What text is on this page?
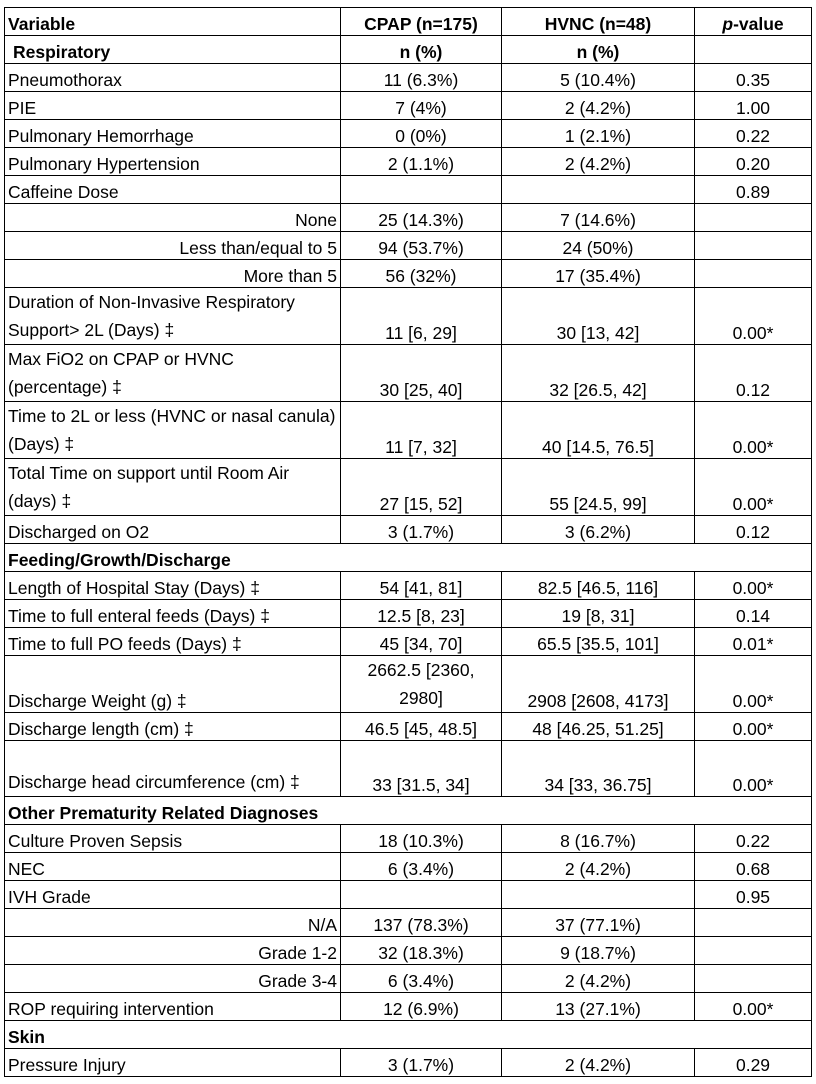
Variable	CPAP (n=175)	HVNC (n=48)	p-value
Respiratory	n (%)	n (%)	
Pneumothorax	11 (6.3%)	5 (10.4%)	0.35
PIE	7 (4%)	2 (4.2%)	1.00
Pulmonary Hemorrhage	0 (0%)	1 (2.1%)	0.22
Pulmonary Hypertension	2 (1.1%)	2 (4.2%)	0.20
Caffeine Dose			0.89
None	25 (14.3%)	7 (14.6%)	
Less than/equal to 5	94 (53.7%)	24 (50%)	
More than 5	56 (32%)	17 (35.4%)	
Duration of Non-Invasive Respiratory Support> 2L (Days) ‡	11 [6, 29]	30 [13, 42]	0.00*
Max FiO2 on CPAP or HVNC (percentage) ‡	30 [25, 40]	32 [26.5, 42]	0.12
Time to 2L or less (HVNC or nasal canula) (Days) ‡	11 [7, 32]	40 [14.5, 76.5]	0.00*
Total Time on support until Room Air (days) ‡	27 [15, 52]	55 [24.5, 99]	0.00*
Discharged on O2	3 (1.7%)	3 (6.2%)	0.12
Feeding/Growth/Discharge			
Length of Hospital Stay (Days) ‡	54 [41, 81]	82.5 [46.5, 116]	0.00*
Time to full enteral feeds (Days) ‡	12.5 [8, 23]	19 [8, 31]	0.14
Time to full PO feeds (Days) ‡	45 [34, 70]	65.5 [35.5, 101]	0.01*
Discharge Weight (g) ‡	2662.5 [2360, 2980]	2908 [2608, 4173]	0.00*
Discharge length (cm) ‡	46.5 [45, 48.5]	48 [46.25, 51.25]	0.00*
Discharge head circumference (cm) ‡	33 [31.5, 34]	34 [33, 36.75]	0.00*
Other Prematurity Related Diagnoses			
Culture Proven Sepsis	18 (10.3%)	8 (16.7%)	0.22
NEC	6 (3.4%)	2 (4.2%)	0.68
IVH Grade			0.95
N/A	137 (78.3%)	37 (77.1%)	
Grade 1-2	32 (18.3%)	9 (18.7%)	
Grade 3-4	6 (3.4%)	2 (4.2%)	
ROP requiring intervention	12 (6.9%)	13 (27.1%)	0.00*
Skin			
Pressure Injury	3 (1.7%)	2 (4.2%)	0.29
